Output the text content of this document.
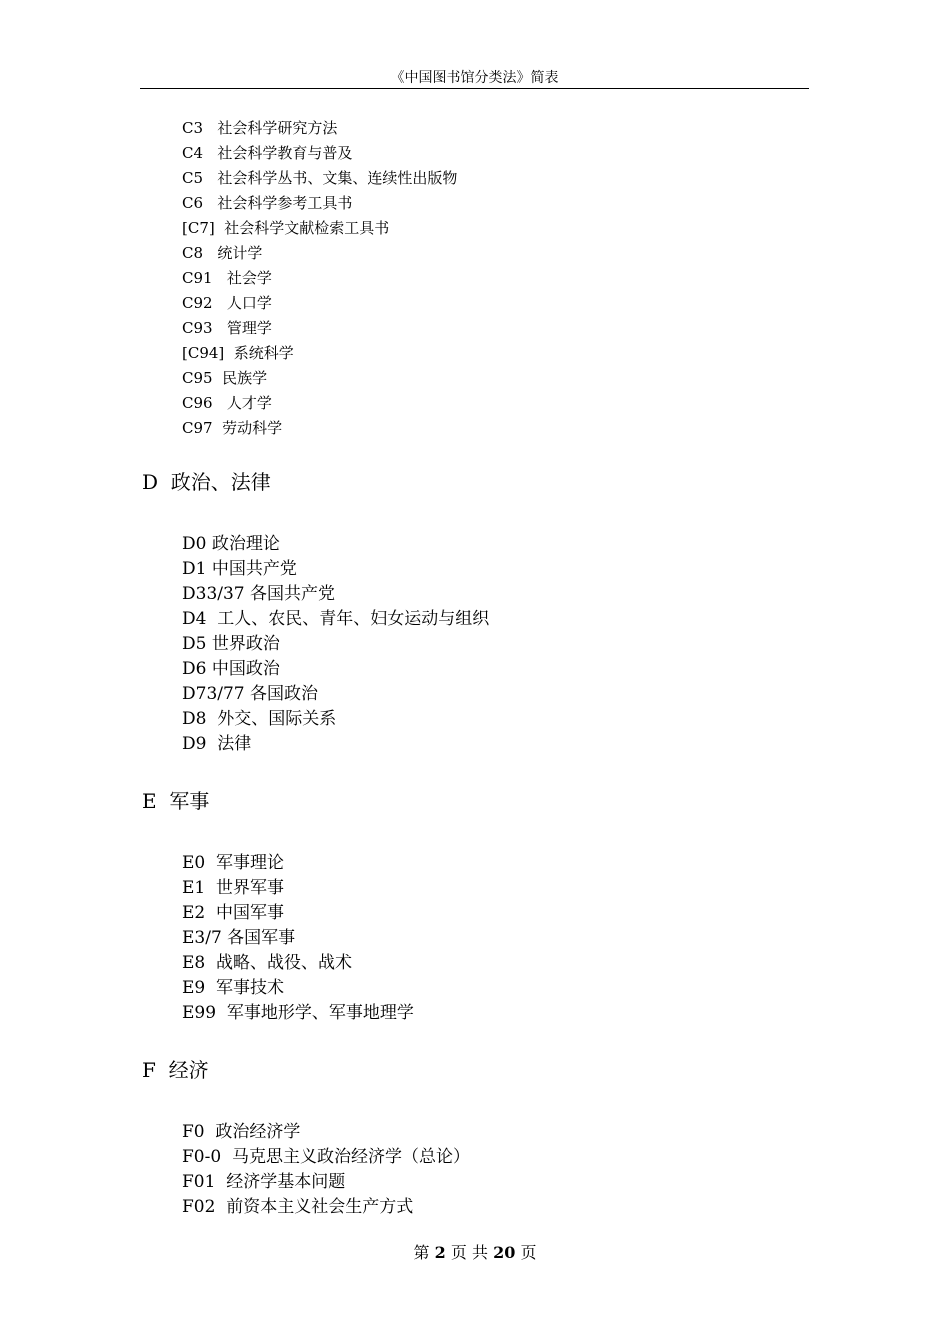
《中国图书馆分类法》简表
C3   社会科学研究方法
C4   社会科学教育与普及
C5   社会科学丛书、文集、连续性出版物
C6   社会科学参考工具书
[C7]  社会科学文献检索工具书
C8   统计学
C91   社会学
C92   人口学
C93   管理学
[C94]  系统科学
C95  民族学
C96   人才学
C97  劳动科学
D  政治、法律
D0 政治理论
D1 中国共产党
D33/37 各国共产党
D4  工人、农民、青年、妇女运动与组织
D5 世界政治
D6 中国政治
D73/77 各国政治
D8  外交、国际关系
D9  法律
E  军事
E0  军事理论
E1  世界军事
E2  中国军事
E3/7 各国军事
E8  战略、战役、战术
E9  军事技术
E99  军事地形学、军事地理学
F  经济
F0  政治经济学
F0-0  马克思主义政治经济学（总论）
F01  经济学基本问题
F02  前资本主义社会生产方式
第 2 页 共 20 页
